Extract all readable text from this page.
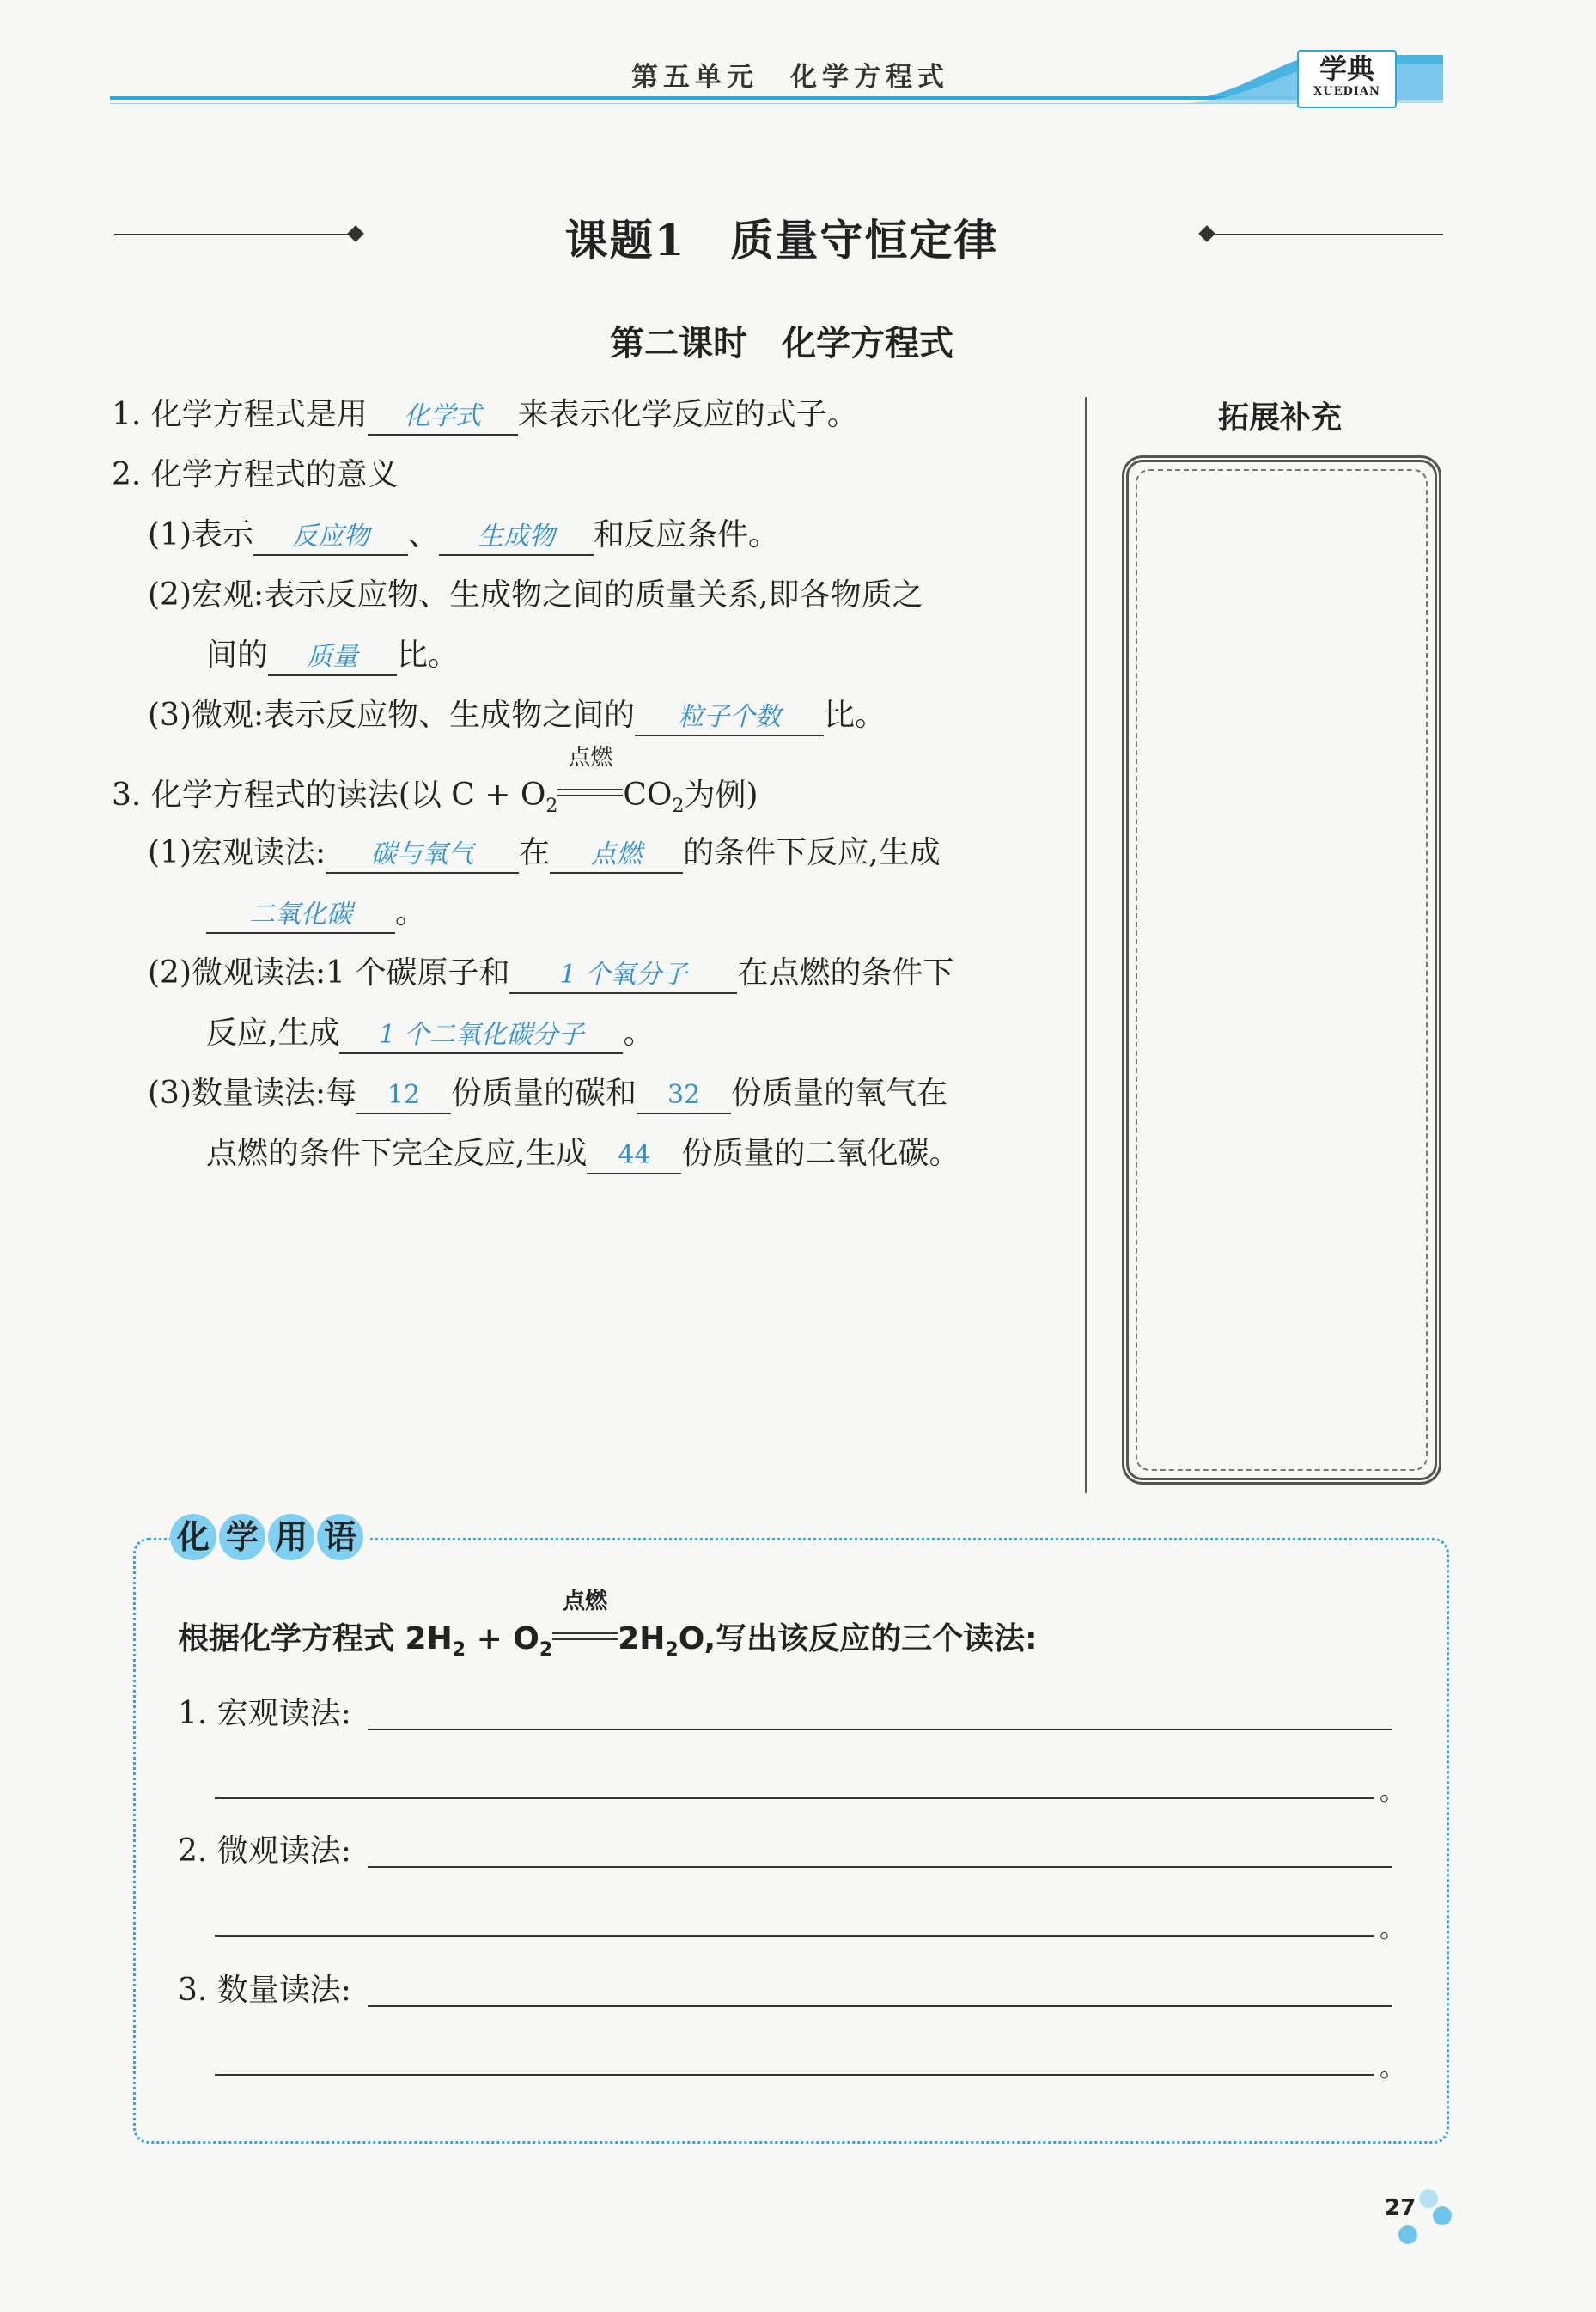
第五单元　化学方程式	学典
XUEDIAN
课题1　质量守恒定律
第二课时　化学方程式
1. 化学方程式是用 化学式 来表示化学反应的式子。
2. 化学方程式的意义
(1)表示 反应物 、 生成物 和反应条件。
(2)宏观:表示反应物、生成物之间的质量关系,即各物质之
间的 质量 比。
(3)微观:表示反应物、生成物之间的 粒子个数 比。
3. 化学方程式的读法(以 $C + O_2$
点燃
$CO_2$为例)
(1)宏观读法: 碳与氧气 在 点燃 的条件下反应,生成
二氧化碳 。
(2)微观读法:1 个碳原子和 1 个氧分子 在点燃的条件下
反应,生成 1 个二氧化碳分子 。
(3)数量读法:每 12 份质量的碳和 32 份质量的氧气在
点燃的条件下完全反应,生成 44 份质量的二氧化碳。
拓展补充
化 学 用 语
根据化学方程式 $2H_2 + O_2$
点燃
$2H_2O$,写出该反应的三个读法:
1. 宏观读法:
。
2. 微观读法:
。
3. 数量读法:
。
27
